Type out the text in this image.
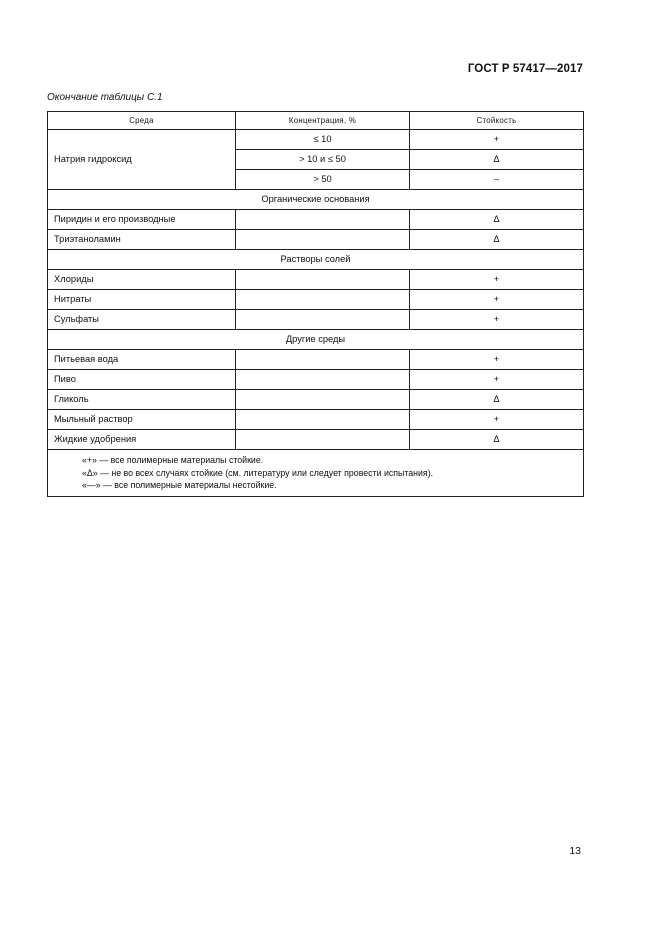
ГОСТ Р 57417—2017
Окончание таблицы С.1
Среда	Концентрация, %	Стойкость
Натрия гидроксид	≤ 10	+
	> 10 и ≤ 50	Δ
	> 50	–
Органические основания		
Пиридин и его производные		Δ
Триэтаноламин		Δ
Растворы солей		
Хлориды		+
Нитраты		+
Сульфаты		+
Другие среды		
Питьевая вода		+
Пиво		+
Гликоль		Δ
Мыльный раствор		+
Жидкие удобрения		Δ

«+» — все полимерные материалы стойкие.
«Δ» — не во всех случаях стойкие (см. литературу или следует провести испытания).
«—» — все полимерные материалы нестойкие.		
13
